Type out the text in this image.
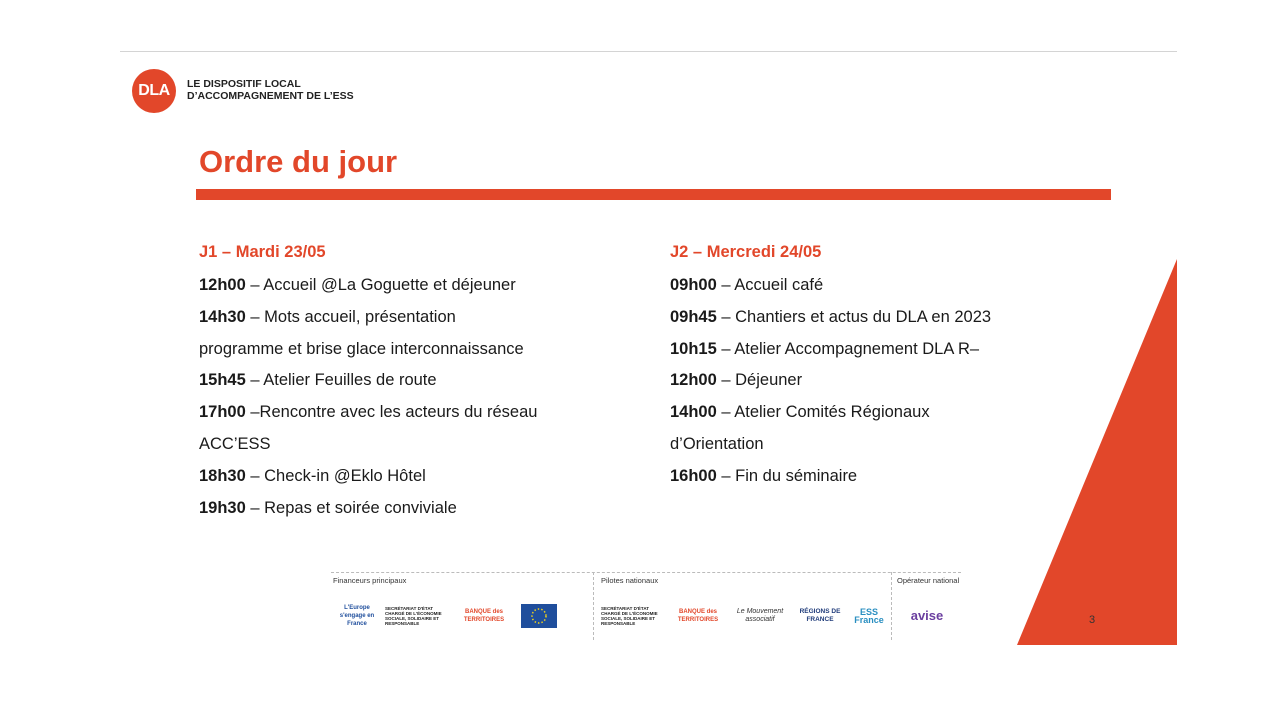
DLA	LE DISPOSITIF LOCAL
D’ACCOMPAGNEMENT DE L’ESS
Ordre du jour
J1 – Mardi 23/05
12h00 – Accueil @La Goguette et déjeuner
14h30 – Mots accueil, présentation
programme et brise glace interconnaissance
15h45 – Atelier Feuilles de route
17h00 –Rencontre avec les acteurs du réseau
ACC’ESS
18h30 – Check-in @Eklo Hôtel
19h30 – Repas et soirée conviviale
J2 – Mercredi 24/05
09h00 – Accueil café
09h45 – Chantiers et actus du DLA en 2023
10h15 – Atelier Accompagnement DLA R–
12h00 – Déjeuner
14h00 – Atelier Comités Régionaux
d’Orientation
16h00 – Fin du séminaire
Financeurs principaux	Pilotes nationaux	Opérateur national
L'Europe s'engage en France
SECRÉTARIAT D'ÉTAT CHARGÉ DE L'ÉCONOMIE SOCIALE, SOLIDAIRE ET RESPONSABLE
BANQUE des TERRITOIRES
SECRÉTARIAT D'ÉTAT CHARGÉ DE L'ÉCONOMIE SOCIALE, SOLIDAIRE ET RESPONSABLE
BANQUE des TERRITOIRES
Le Mouvement associatif
RÉGIONS DE FRANCE
ESS France	avise	3
